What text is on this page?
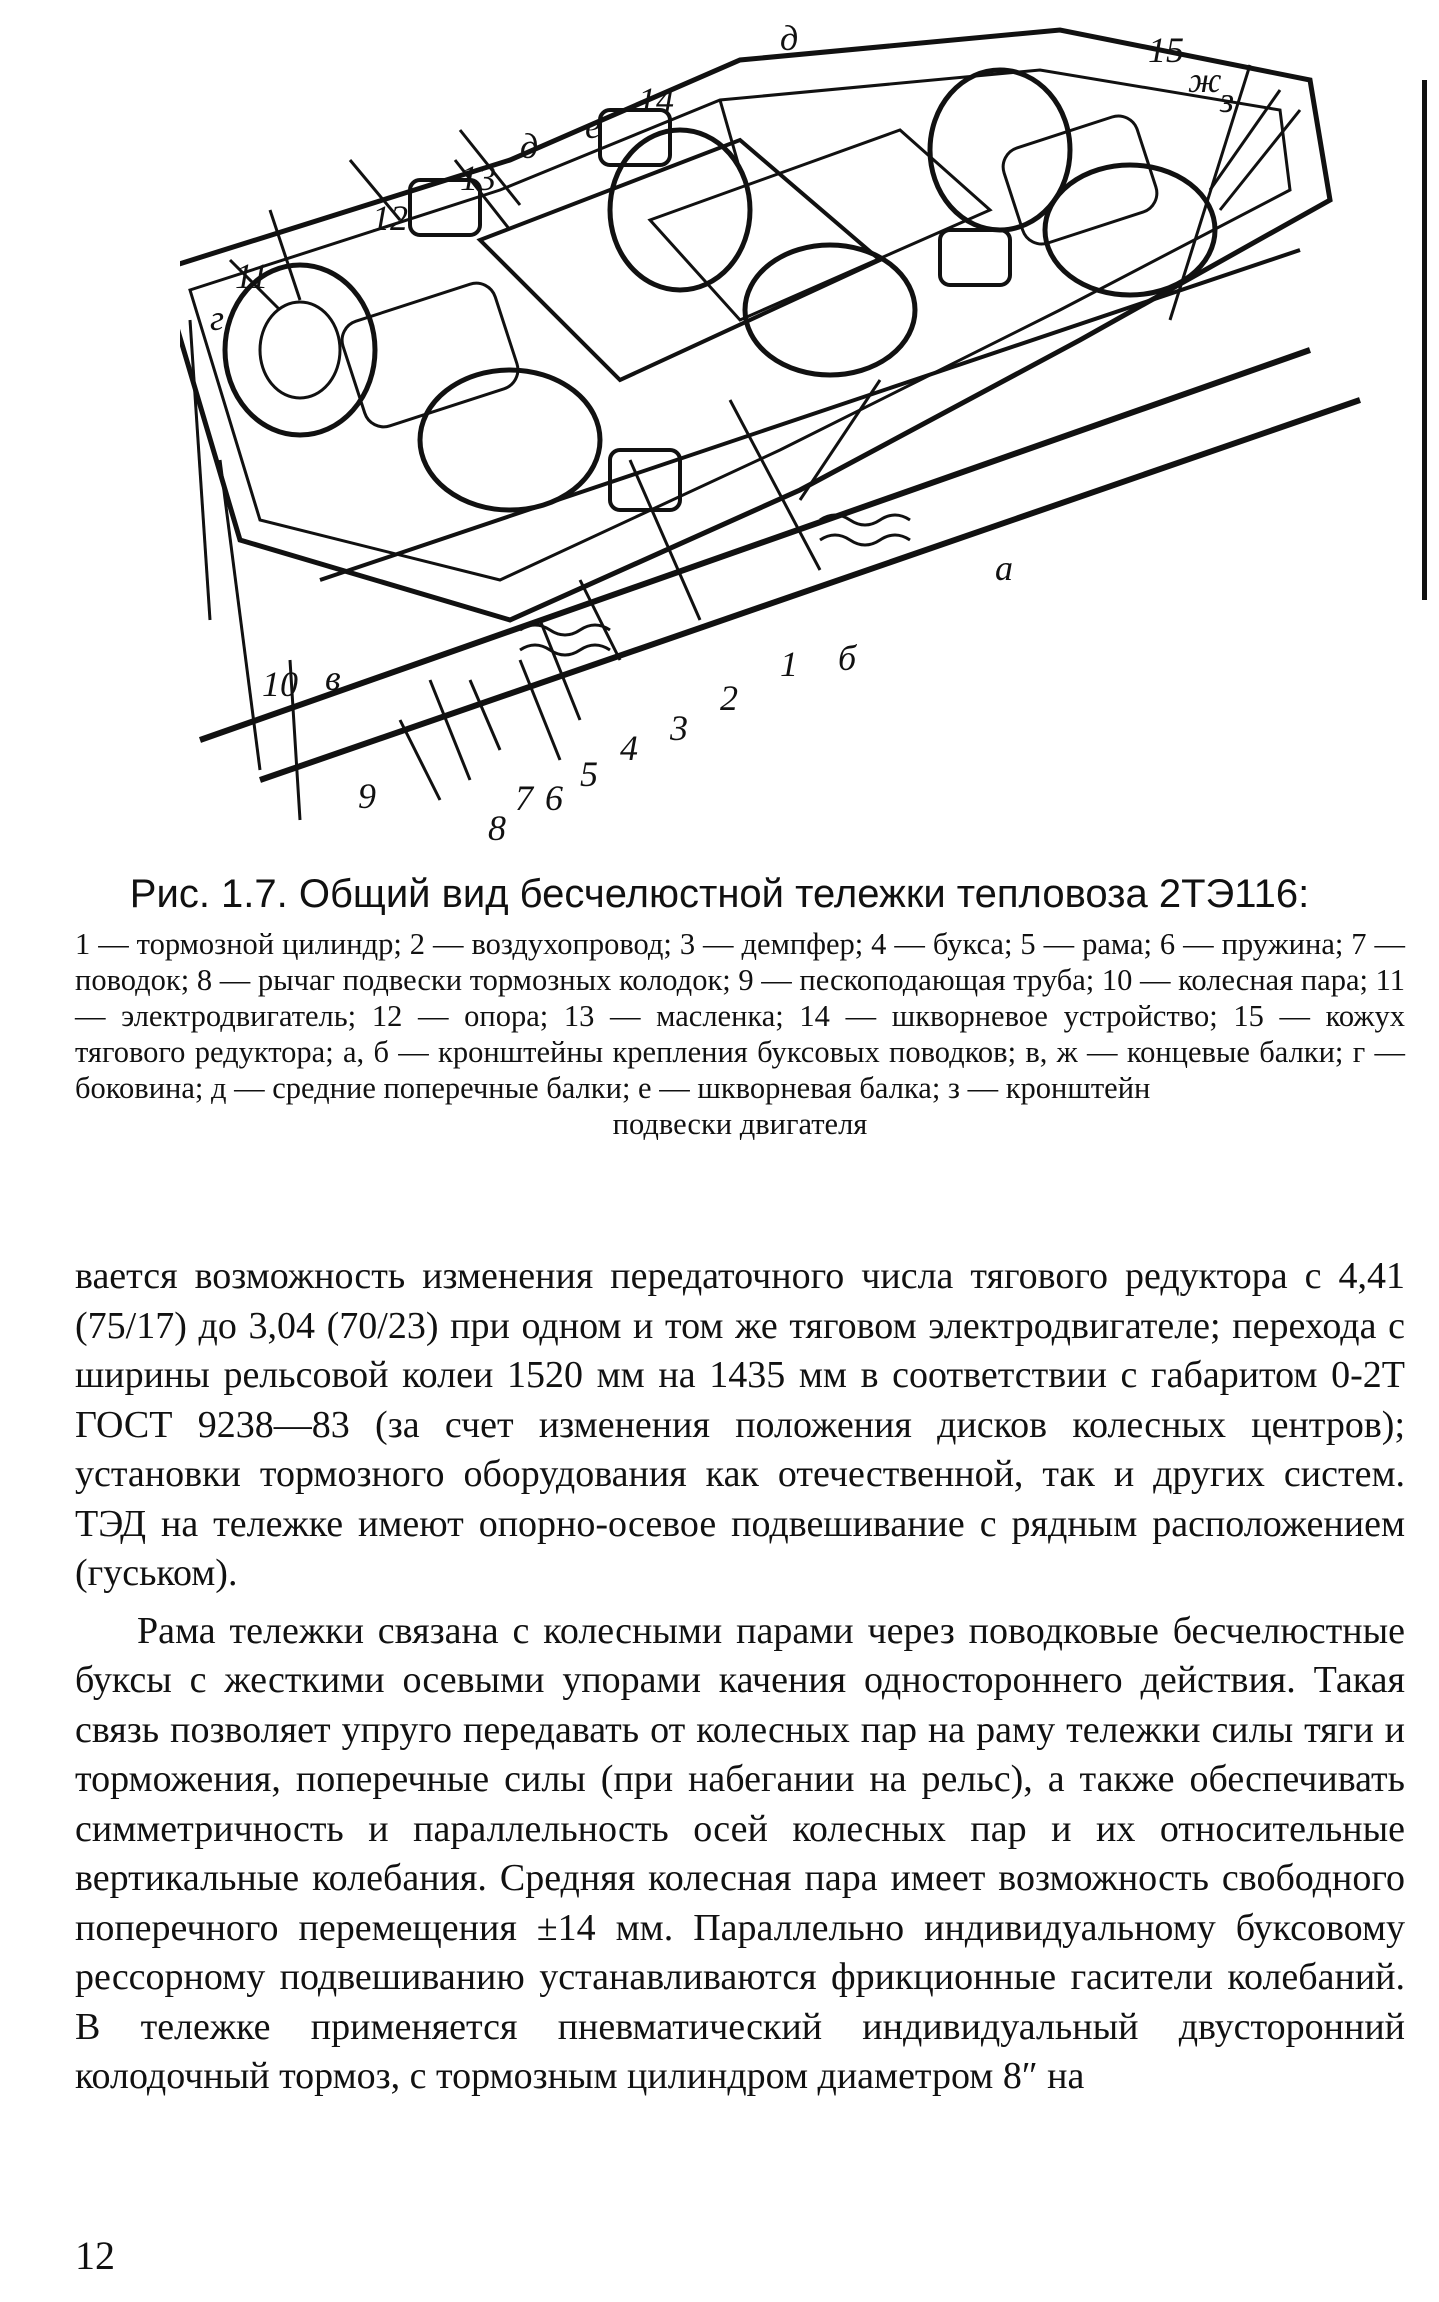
д	15
ж
з
14
е
д
13
12
11
г
а
1 б
2
3
4
5
6
7
8
9
10 в
Рис. 1.7. Общий вид бесчелюстной тележки тепловоза 2ТЭ116:
1 — тормозной цилиндр; 2 — воздухопровод; 3 — демпфер; 4 — букса; 5 — рама; 6 — пружина; 7 — поводок; 8 — рычаг подвески тормозных колодок; 9 — пескоподающая труба; 10 — колесная пара; 11 — электродвигатель; 12 — опора; 13 — масленка; 14 — шкворневое устройство; 15 — кожух тягового редуктора; а, б — кронштейны крепления буксовых поводков; в, ж — концевые балки; г — боковина; д — средние поперечные балки; е — шкворневая балка; з — кронштейн
подвески двигателя

вается возможность изменения передаточного числа тягового редуктора с 4,41 (75/17) до 3,04 (70/23) при одном и том же тяговом электродвигателе; перехода с ширины рельсовой колеи 1520 мм на 1435 мм в соответствии с габаритом 0-2Т ГОСТ 9238—83 (за счет изменения положения дисков колесных центров); установки тормозного оборудования как отечественной, так и других систем. ТЭД на тележке имеют опорно-осевое подвешивание с рядным расположением (гуськом).

Рама тележки связана с колесными парами через поводковые бесчелюстные буксы с жесткими осевыми упорами качения одностороннего действия. Такая связь позволяет упруго передавать от колесных пар на раму тележки силы тяги и торможения, поперечные силы (при набегании на рельс), а также обеспечивать симметричность и параллельность осей колесных пар и их относительные вертикальные колебания. Средняя колесная пара имеет возможность свободного поперечного перемещения ±14 мм. Параллельно индивидуальному буксовому рессорному подвешиванию устанавливаются фрикционные гасители колебаний. В тележке применяется пневматический индивидуальный двусторонний колодочный тормоз, с тормозным цилиндром диаметром 8″ на

12
